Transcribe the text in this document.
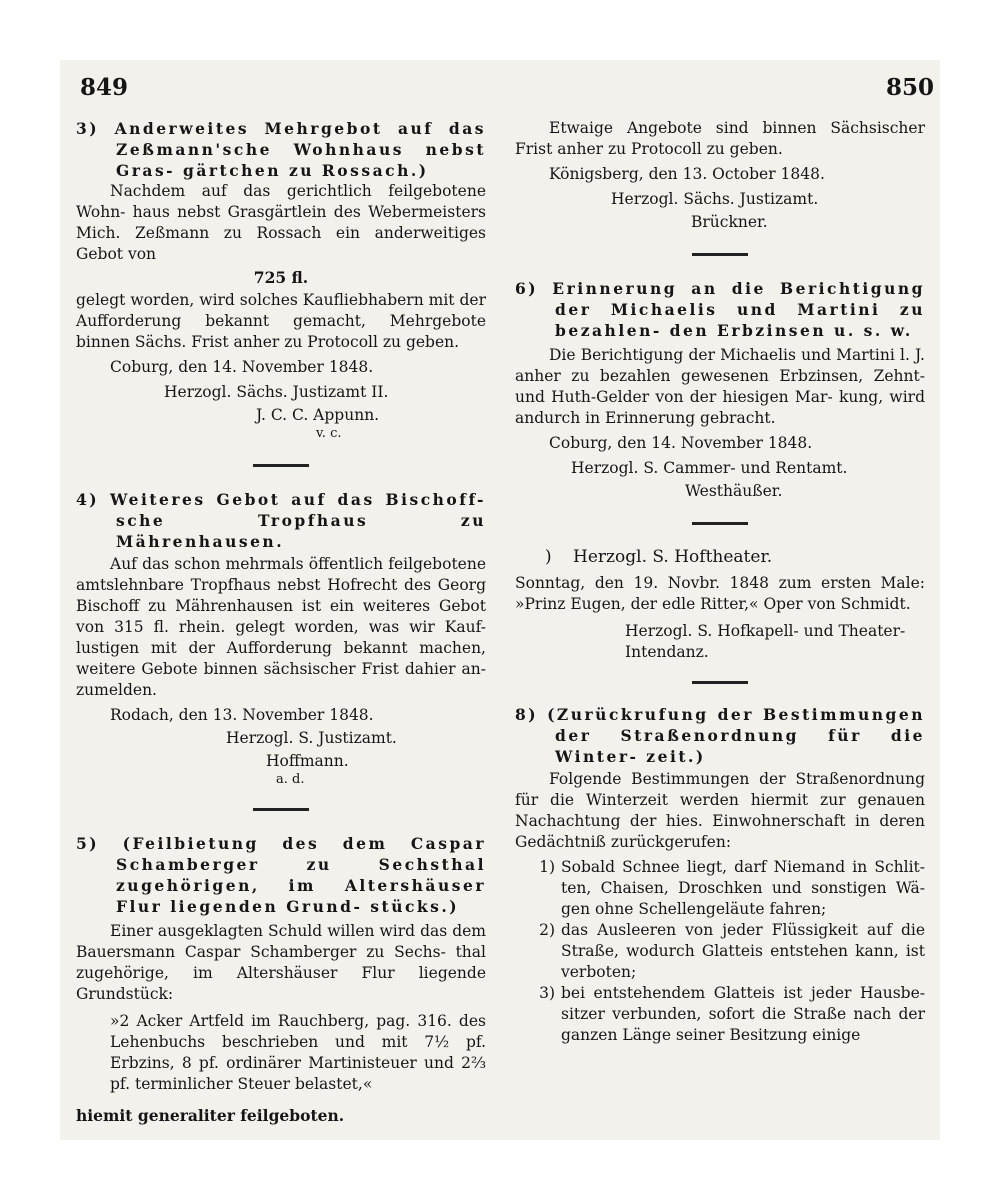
849	850

3) Anderweites Mehrgebot auf das Zeßmann'sche Wohnhaus nebst Gras- gärtchen zu Rossach.)

Nachdem auf das gerichtlich feilgebotene Wohn- haus nebst Grasgärtlein des Webermeisters Mich. Zeßmann zu Rossach ein anderweitiges Gebot von

725 fl.

gelegt worden, wird solches Kaufliebhabern mit der Aufforderung bekannt gemacht, Mehrgebote binnen Sächs. Frist anher zu Protocoll zu geben.

Coburg, den 14. November 1848.

Herzogl. Sächs. Justizamt II.

J. C. C. Appunn.

v. c.

4) Weiteres Gebot auf das Bischoff- sche Tropfhaus zu Mährenhausen.

Auf das schon mehrmals öffentlich feilgebotene amtslehnbare Tropfhaus nebst Hofrecht des Georg Bischoff zu Mährenhausen ist ein weiteres Gebot von 315 fl. rhein. gelegt worden, was wir Kauf- lustigen mit der Aufforderung bekannt machen, weitere Gebote binnen sächsischer Frist dahier an- zumelden.

Rodach, den 13. November 1848.

Herzogl. S. Justizamt.

Hoffmann.

a. d.

5) (Feilbietung des dem Caspar Schamberger zu Sechsthal zugehörigen, im Altershäuser Flur liegenden Grund- stücks.)

Einer ausgeklagten Schuld willen wird das dem Bauersmann Caspar Schamberger zu Sechs- thal zugehörige, im Altershäuser Flur liegende Grundstück:

»2 Acker Artfeld im Rauchberg, pag. 316. des Lehenbuchs beschrieben und mit 7½ pf. Erbzins, 8 pf. ordinärer Martinisteuer und 2⅔ pf. terminlicher Steuer belastet,«

hiemit generaliter feilgeboten.

Etwaige Angebote sind binnen Sächsischer Frist anher zu Protocoll zu geben.

Königsberg, den 13. October 1848.

Herzogl. Sächs. Justizamt.

Brückner.

6) Erinnerung an die Berichtigung der Michaelis und Martini zu bezahlen- den Erbzinsen u. s. w.

Die Berichtigung der Michaelis und Martini l. J. anher zu bezahlen gewesenen Erbzinsen, Zehnt- und Huth-Gelder von der hiesigen Mar- kung, wird andurch in Erinnerung gebracht.

Coburg, den 14. November 1848.

Herzogl. S. Cammer- und Rentamt.

Westhäußer.

) Herzogl. S. Hoftheater.

Sonntag, den 19. Novbr. 1848 zum ersten Male: »Prinz Eugen, der edle Ritter,« Oper von Schmidt.

Herzogl. S. Hofkapell- und Theater- Intendanz.

8) (Zurückrufung der Bestimmungen der Straßenordnung für die Winter- zeit.)

Folgende Bestimmungen der Straßenordnung für die Winterzeit werden hiermit zur genauen Nachachtung der hies. Einwohnerschaft in deren Gedächtniß zurückgerufen:

1) Sobald Schnee liegt, darf Niemand in Schlit- ten, Chaisen, Droschken und sonstigen Wä- gen ohne Schellengeläute fahren;
2) das Ausleeren von jeder Flüssigkeit auf die Straße, wodurch Glatteis entstehen kann, ist verboten;
3) bei entstehendem Glatteis ist jeder Hausbe- sitzer verbunden, sofort die Straße nach der ganzen Länge seiner Besitzung einige
